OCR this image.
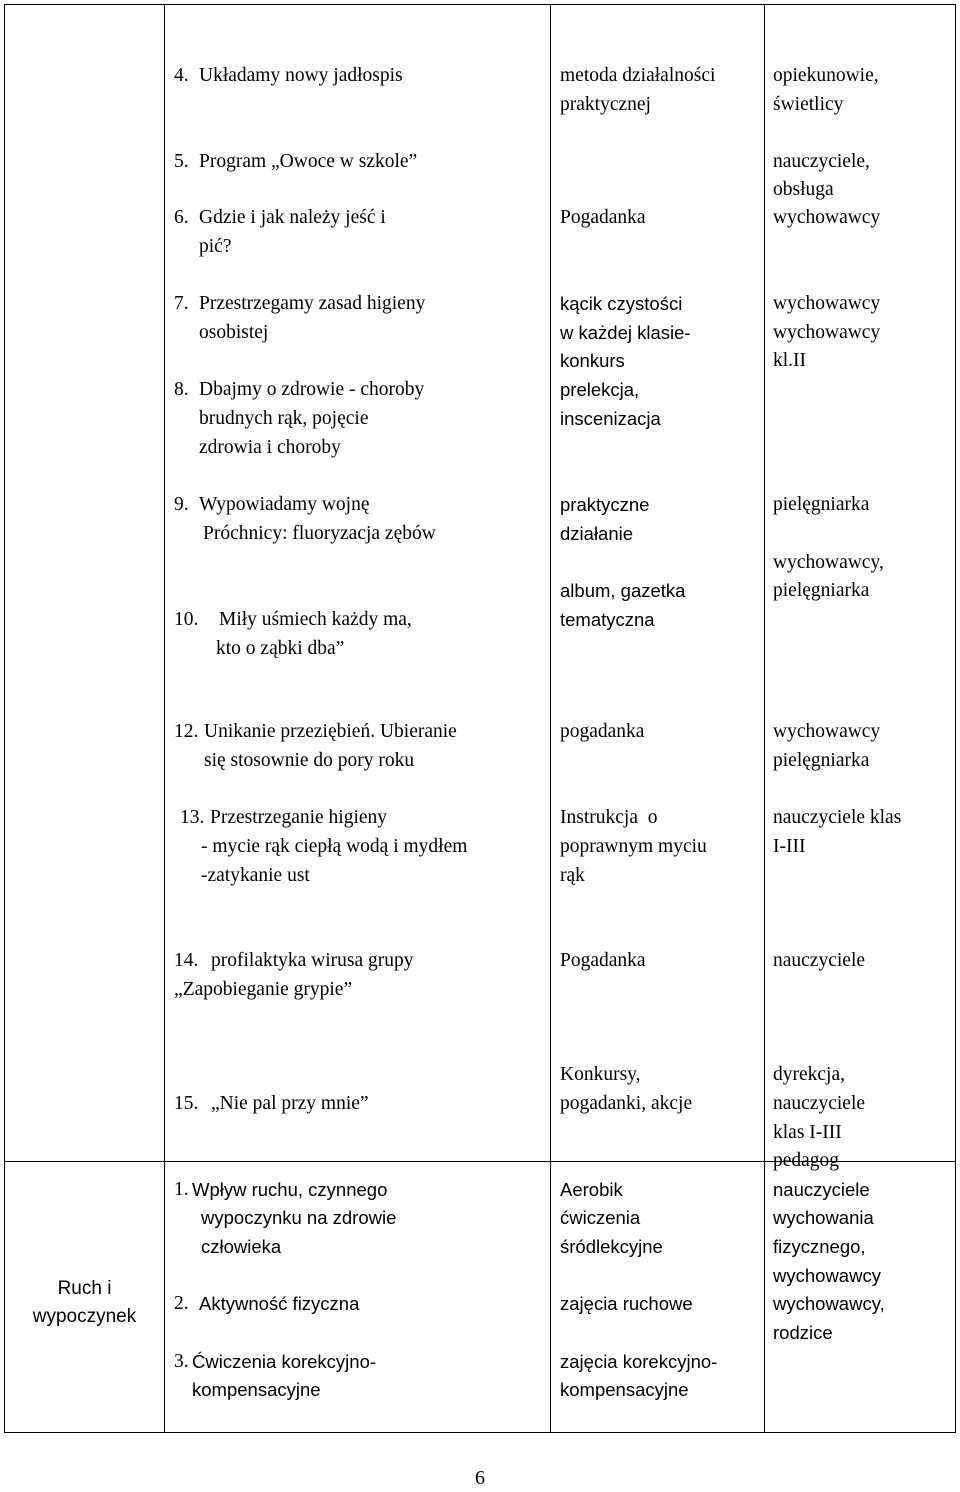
4. Układamy nowy jadłospis
5. Program „Owoce w szkole”
6. Gdzie i jak należy jeść i
pić?
7. Przestrzegamy zasad higieny
osobistej
8. Dbajmy o zdrowie - choroby
brudnych rąk, pojęcie
zdrowia i choroby
9. Wypowiadamy wojnę
Próchnicy: fluoryzacja zębów
10. Miły uśmiech każdy ma,
kto o ząbki dba”
metoda działalności
praktycznej
Pogadanka
kącik czystości
w każdej klasie-
konkurs
prelekcja,
inscenizacja
praktyczne
działanie
album, gazetka
tematyczna
opiekunowie,
świetlicy
nauczyciele,
obsługa
wychowawcy
wychowawcy
wychowawcy
kl.II
pielęgniarka
wychowawcy,
pielęgniarka
12. Unikanie przeziębień. Ubieranie
się stosownie do pory roku
13. Przestrzeganie higieny
- mycie rąk ciepłą wodą i mydłem
-zatykanie ust
pogadanka
Instrukcja  o
poprawnym myciu
rąk
wychowawcy
pielęgniarka
nauczyciele klas
I-III
14. profilaktyka wirusa grupy
„Zapobieganie grypie”
Pogadanka	nauczyciele
15. „Nie pal przy mnie”
Konkursy,
pogadanki, akcje
dyrekcja,
nauczyciele
klas I-III
pedagog
Ruch i
wypoczynek
1. Wpływ ruchu, czynnego
wypoczynku na zdrowie
człowieka
2. Aktywność fizyczna
3. Ćwiczenia korekcyjno-
kompensacyjne
Aerobik
ćwiczenia
śródlekcyjne
zajęcia ruchowe
zajęcia korekcyjno-
kompensacyjne
nauczyciele
wychowania
fizycznego,
wychowawcy
wychowawcy,
rodzice
6
